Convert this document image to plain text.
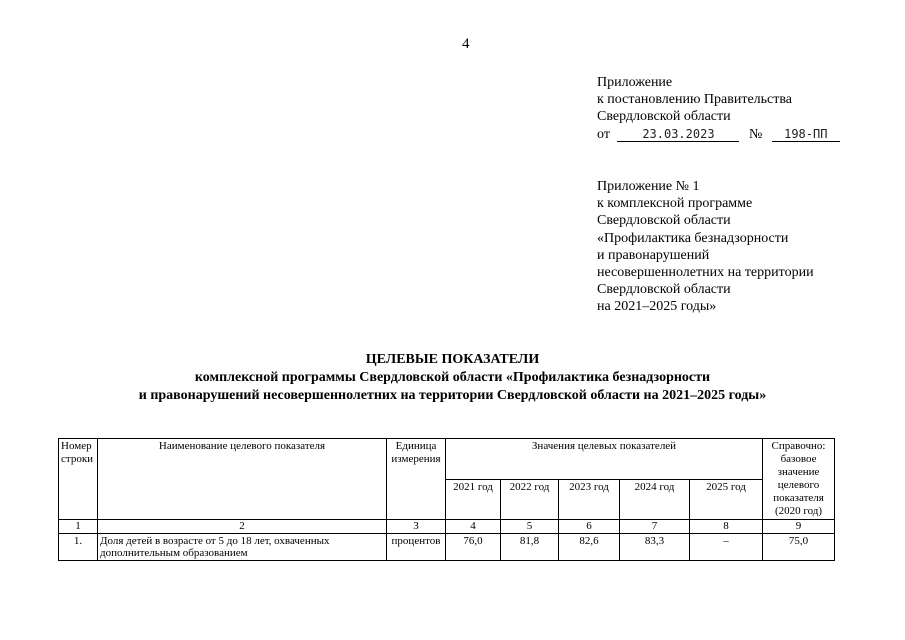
4
Приложение
к постановлению Правительства
Свердловской области
от	23.03.2023 № 198-ПП
Приложение № 1
к комплексной программе
Свердловской области
«Профилактика безнадзорности
и правонарушений
несовершеннолетних на территории
Свердловской области
на 2021–2025 годы»
ЦЕЛЕВЫЕ ПОКАЗАТЕЛИ
комплексной программы Свердловской области «Профилактика безнадзорности
и правонарушений несовершеннолетних на территории Свердловской области на 2021–2025 годы»
Номер строки	Наименование целевого показателя	Единица измерения	Значения целевых показателей					Справочно: базовое значение целевого показателя (2020 год)
			2021 год	2022 год	2023 год	2024 год	2025 год	
1	2	3	4	5	6	7	8	9
1.	Доля детей в возрасте от 5 до 18 лет, охваченных дополнительным образованием	процентов	76,0	81,8	82,6	83,3	–	75,0
